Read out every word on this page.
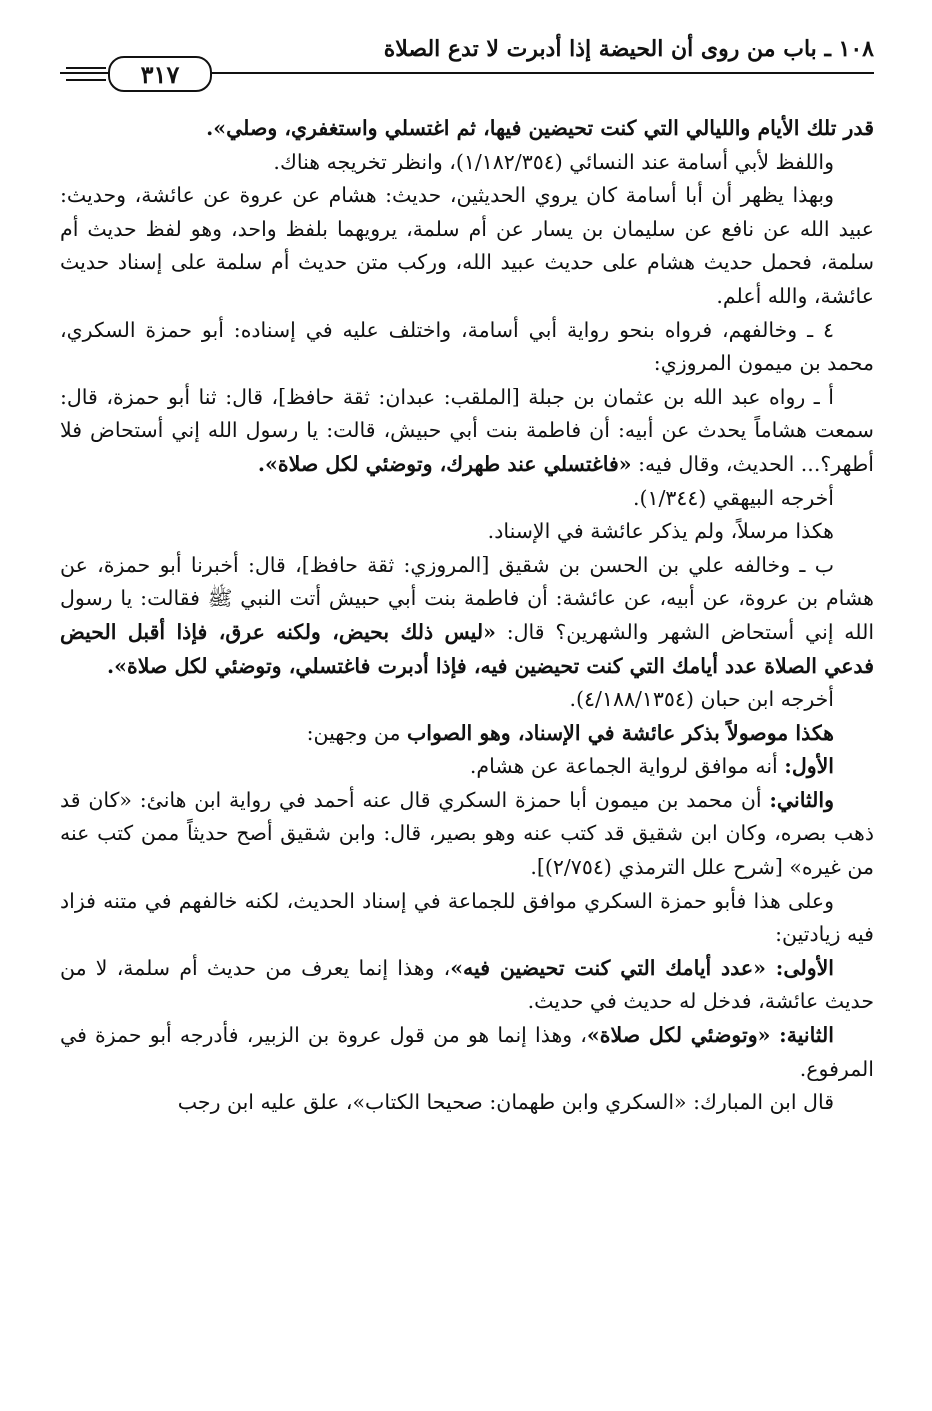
١٠٨ ـ باب من روى أن الحيضة إذا أدبرت لا تدع الصلاة
٣١٧

قدر تلك الأيام والليالي التي كنت تحيضين فيها، ثم اغتسلي واستغفري، وصلي».

واللفظ لأبي أسامة عند النسائي (١/١٨٢/٣٥٤)، وانظر تخريجه هناك.

وبهذا يظهر أن أبا أسامة كان يروي الحديثين، حديث: هشام عن عروة عن عائشة، وحديث: عبيد الله عن نافع عن سليمان بن يسار عن أم سلمة، يرويهما بلفظ واحد، وهو لفظ حديث أم سلمة، فحمل حديث هشام على حديث عبيد الله، وركب متن حديث أم سلمة على إسناد حديث عائشة، والله أعلم.

٤ ـ وخالفهم، فرواه بنحو رواية أبي أسامة، واختلف عليه في إسناده: أبو حمزة السكري، محمد بن ميمون المروزي:

أ ـ رواه عبد الله بن عثمان بن جبلة [الملقب: عبدان: ثقة حافظ]، قال: ثنا أبو حمزة، قال: سمعت هشاماً يحدث عن أبيه: أن فاطمة بنت أبي حبيش، قالت: يا رسول الله إني أستحاض فلا أطهر؟... الحديث، وقال فيه: «فاغتسلي عند طهرك، وتوضئي لكل صلاة».

أخرجه البيهقي (١/٣٤٤).

هكذا مرسلاً، ولم يذكر عائشة في الإسناد.

ب ـ وخالفه علي بن الحسن بن شقيق [المروزي: ثقة حافظ]، قال: أخبرنا أبو حمزة، عن هشام بن عروة، عن أبيه، عن عائشة: أن فاطمة بنت أبي حبيش أتت النبي ﷺ فقالت: يا رسول الله إني أستحاض الشهر والشهرين؟ قال: «ليس ذلك بحيض، ولكنه عرق، فإذا أقبل الحيض فدعي الصلاة عدد أيامك التي كنت تحيضين فيه، فإذا أدبرت فاغتسلي، وتوضئي لكل صلاة».

أخرجه ابن حبان (٤/١٨٨/١٣٥٤).

هكذا موصولاً بذكر عائشة في الإسناد، وهو الصواب من وجهين:

الأول: أنه موافق لرواية الجماعة عن هشام.

والثاني: أن محمد بن ميمون أبا حمزة السكري قال عنه أحمد في رواية ابن هانئ: «كان قد ذهب بصره، وكان ابن شقيق قد كتب عنه وهو بصير، قال: وابن شقيق أصح حديثاً ممن كتب عنه من غيره» [شرح علل الترمذي (٢/٧٥٤)].

وعلى هذا فأبو حمزة السكري موافق للجماعة في إسناد الحديث، لكنه خالفهم في متنه فزاد فيه زيادتين:

الأولى: «عدد أيامك التي كنت تحيضين فيه»، وهذا إنما يعرف من حديث أم سلمة، لا من حديث عائشة، فدخل له حديث في حديث.

الثانية: «وتوضئي لكل صلاة»، وهذا إنما هو من قول عروة بن الزبير، فأدرجه أبو حمزة في المرفوع.

قال ابن المبارك: «السكري وابن طهمان: صحيحا الكتاب»، علق عليه ابن رجب
